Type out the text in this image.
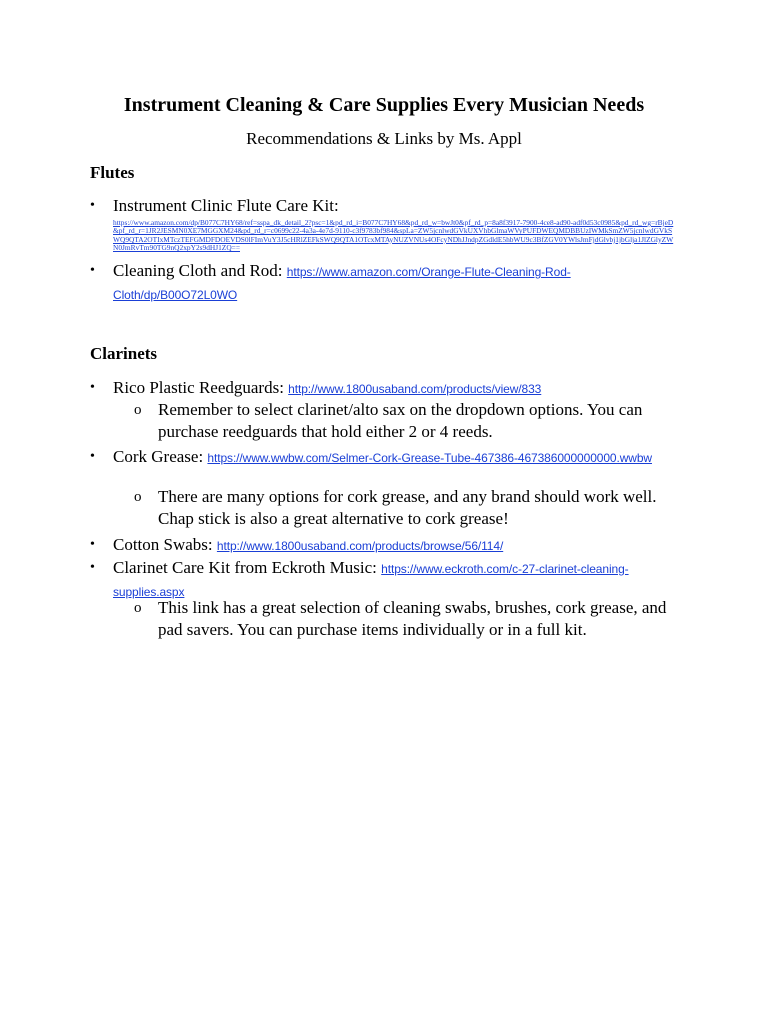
Instrument Cleaning & Care Supplies Every Musician Needs
Recommendations & Links by Ms. Appl
Flutes
• Instrument Clinic Flute Care Kit:
https://www.amazon.com/dp/B077C7HY68/ref=sspa_dk_detail_2?psc=1&pd_rd_i=B077C7HY68&pd_rd_w=bwJt0&pf_rd_p=8a8f3917-7900-4ce8-ad90-adf0d53c0985&pd_rd_wg=rBjeD&pf_rd_r=1JR2JESMN0XE7MGGXM24&pd_rd_r=c0699c22-4a3a-4e7d-9110-c3f9783bf984&spLa=ZW5jcnlwdGVkUXVhbGlmaWVyPUFDWEQMDBBUzIWMkSmZW5jcnlwdGVkSWQ9QTA2OTIxMTczTEFGMDFDOEVDS0lFImVuY3J5cHRlZEFkSWQ9QTA1OTcxMTAyNUZVNUs4OFcyNDhJJndpZGdldE5hbWU9c3BfZGV0YWlsJmFjdGlvbj1jbGlja1JlZGlyZWN0JmRvTm90TG9nQ2xpY2s9dHJ1ZQ==
• Cleaning Cloth and Rod: https://www.amazon.com/Orange-Flute-Cleaning-Rod-Cloth/dp/B00O72L0WO
Clarinets
• Rico Plastic Reedguards: http://www.1800usaband.com/products/view/833
o Remember to select clarinet/alto sax on the dropdown options. You can purchase reedguards that hold either 2 or 4 reeds.
• Cork Grease: https://www.wwbw.com/Selmer-Cork-Grease-Tube-467386-467386000000000.wwbw
o There are many options for cork grease, and any brand should work well. Chap stick is also a great alternative to cork grease!
• Cotton Swabs: http://www.1800usaband.com/products/browse/56/114/
• Clarinet Care Kit from Eckroth Music: https://www.eckroth.com/c-27-clarinet-cleaning-supplies.aspx
o This link has a great selection of cleaning swabs, brushes, cork grease, and pad savers. You can purchase items individually or in a full kit.
